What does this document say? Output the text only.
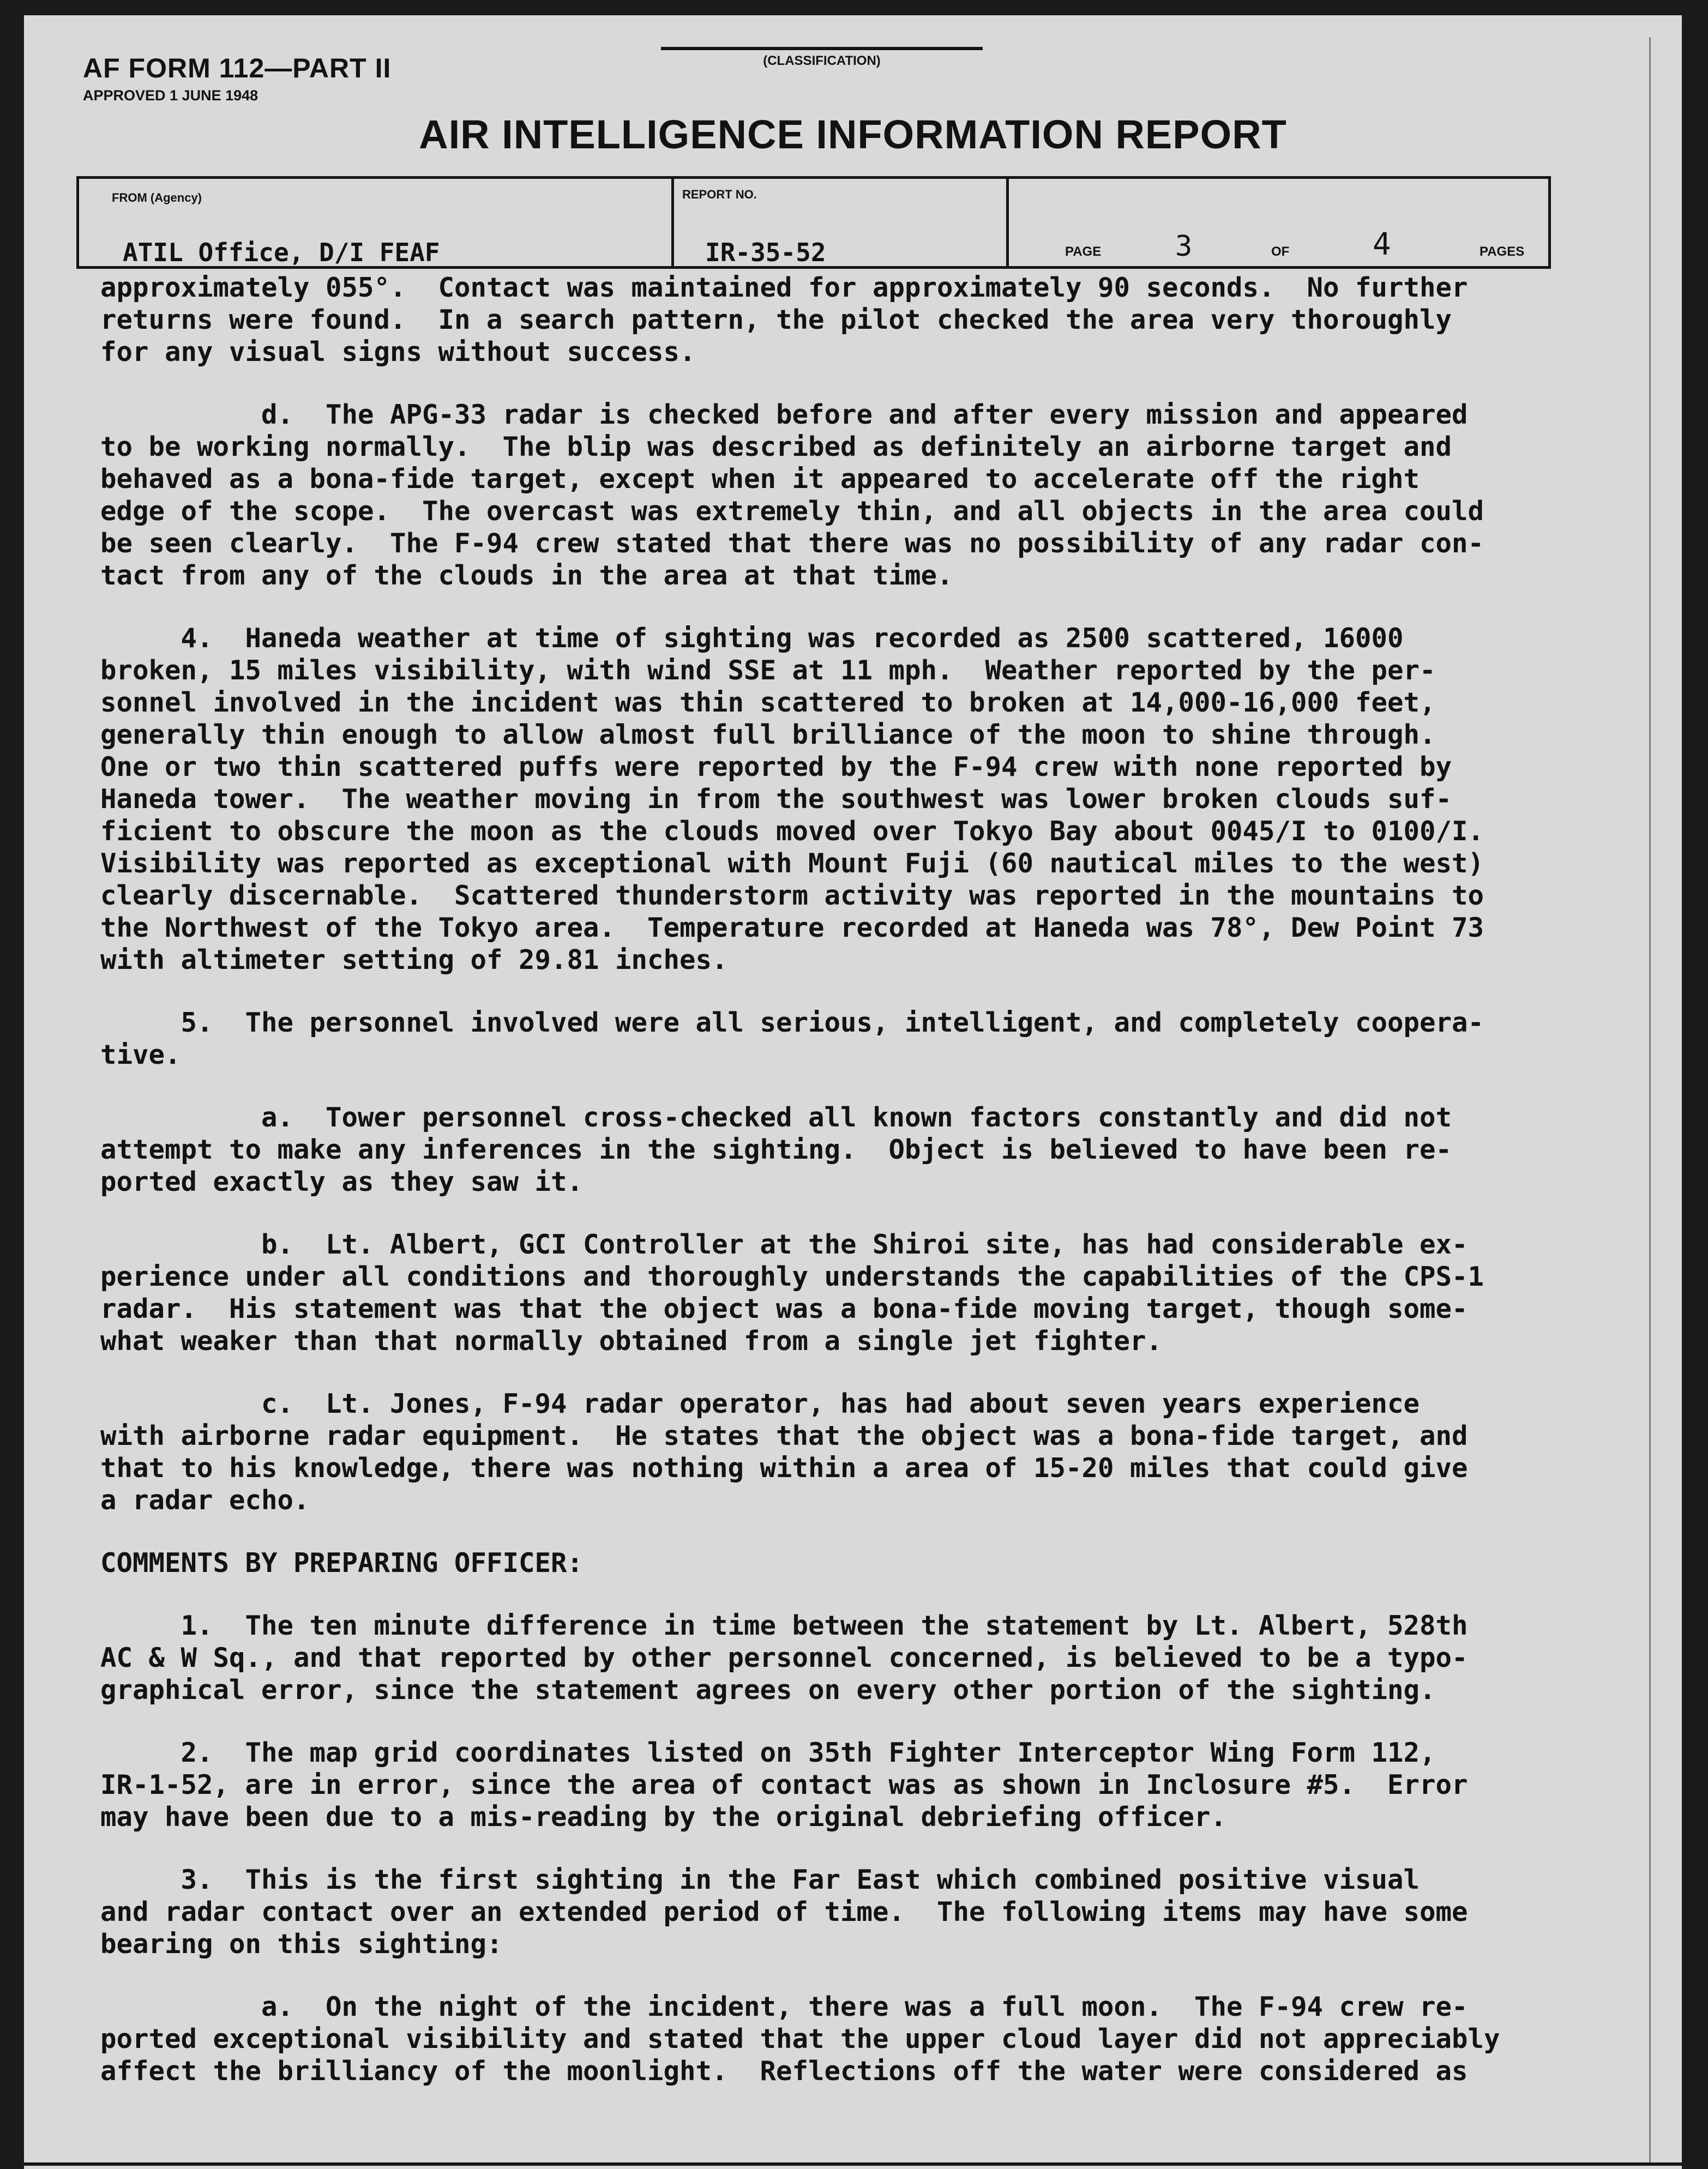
AF FORM 112—PART II
APPROVED 1 JUNE 1948
(CLASSIFICATION)
AIR INTELLIGENCE INFORMATION REPORT
FROM (Agency)
ATIL Office, D/I FEAF
REPORT NO.
IR-35-52	PAGE	3	OF	4	PAGES
approximately 055°.  Contact was maintained for approximately 90 seconds.  No further
returns were found.  In a search pattern, the pilot checked the area very thoroughly
for any visual signs without success.
d.  The APG-33 radar is checked before and after every mission and appeared
to be working normally.  The blip was described as definitely an airborne target and
behaved as a bona-fide target, except when it appeared to accelerate off the right
edge of the scope.  The overcast was extremely thin, and all objects in the area could
be seen clearly.  The F-94 crew stated that there was no possibility of any radar con-
tact from any of the clouds in the area at that time.
4.  Haneda weather at time of sighting was recorded as 2500 scattered, 16000
broken, 15 miles visibility, with wind SSE at 11 mph.  Weather reported by the per-
sonnel involved in the incident was thin scattered to broken at 14,000-16,000 feet,
generally thin enough to allow almost full brilliance of the moon to shine through.
One or two thin scattered puffs were reported by the F-94 crew with none reported by
Haneda tower.  The weather moving in from the southwest was lower broken clouds suf-
ficient to obscure the moon as the clouds moved over Tokyo Bay about 0045/I to 0100/I.
Visibility was reported as exceptional with Mount Fuji (60 nautical miles to the west)
clearly discernable.  Scattered thunderstorm activity was reported in the mountains to
the Northwest of the Tokyo area.  Temperature recorded at Haneda was 78°, Dew Point 73
with altimeter setting of 29.81 inches.
5.  The personnel involved were all serious, intelligent, and completely coopera-
tive.
a.  Tower personnel cross-checked all known factors constantly and did not
attempt to make any inferences in the sighting.  Object is believed to have been re-
ported exactly as they saw it.
b.  Lt. Albert, GCI Controller at the Shiroi site, has had considerable ex-
perience under all conditions and thoroughly understands the capabilities of the CPS-1
radar.  His statement was that the object was a bona-fide moving target, though some-
what weaker than that normally obtained from a single jet fighter.
c.  Lt. Jones, F-94 radar operator, has had about seven years experience
with airborne radar equipment.  He states that the object was a bona-fide target, and
that to his knowledge, there was nothing within a area of 15-20 miles that could give
a radar echo.
COMMENTS BY PREPARING OFFICER:
1.  The ten minute difference in time between the statement by Lt. Albert, 528th
AC & W Sq., and that reported by other personnel concerned, is believed to be a typo-
graphical error, since the statement agrees on every other portion of the sighting.
2.  The map grid coordinates listed on 35th Fighter Interceptor Wing Form 112,
IR-1-52, are in error, since the area of contact was as shown in Inclosure #5.  Error
may have been due to a mis-reading by the original debriefing officer.
3.  This is the first sighting in the Far East which combined positive visual
and radar contact over an extended period of time.  The following items may have some
bearing on this sighting:
a.  On the night of the incident, there was a full moon.  The F-94 crew re-
ported exceptional visibility and stated that the upper cloud layer did not appreciably
affect the brilliancy of the moonlight.  Reflections off the water were considered as
